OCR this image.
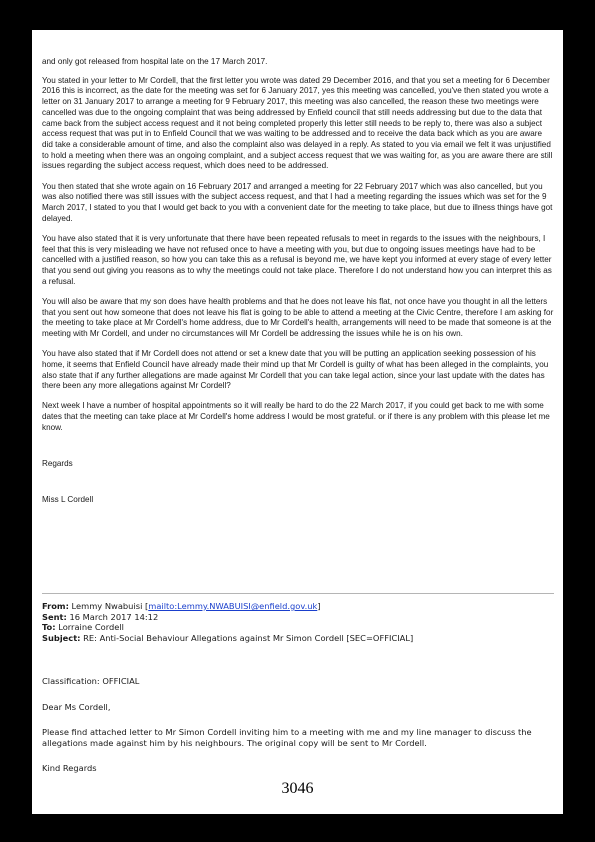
and only got released from hospital late on the 17 March 2017.

You stated in your letter to Mr Cordell, that the first letter you wrote was dated 29 December 2016, and that you set a meeting for 6 December 2016 this is incorrect, as the date for the meeting was set for 6 January 2017, yes this meeting was cancelled, you've then stated you wrote a letter on 31 January 2017 to arrange a meeting for 9 February 2017, this meeting was also cancelled, the reason these two meetings were cancelled was due to the ongoing complaint that was being addressed by Enfield council that still needs addressing but due to the data that came back from the subject access request and it not being completed properly this letter still needs to be reply to, there was also a subject access request that was put in to Enfield Council that we was waiting to be addressed and to receive the data back which as you are aware did take a considerable amount of time, and also the complaint also was delayed in a reply. As stated to you via email we felt it was unjustified to hold a meeting when there was an ongoing complaint, and a subject access request that we was waiting for, as you are aware there are still issues regarding the subject access request, which does need to be addressed.

You then stated that she wrote again on 16 February 2017 and arranged a meeting for 22 February 2017 which was also cancelled, but you was also notified there was still issues with the subject access request, and that I had a meeting regarding the issues which was set for the 9 March 2017, I stated to you that I would get back to you with a convenient date for the meeting to take place, but due to illness things have got delayed.

You have also stated that it is very unfortunate that there have been repeated refusals to meet in regards to the issues with the neighbours, I feel that this is very misleading we have not refused once to have a meeting with you, but due to ongoing issues meetings have had to be cancelled with a justified reason, so how you can take this as a refusal is beyond me, we have kept you informed at every stage of every letter that you send out giving you reasons as to why the meetings could not take place. Therefore I do not understand how you can interpret this as a refusal.

You will also be aware that my son does have health problems and that he does not leave his flat, not once have you thought in all the letters that you sent out how someone that does not leave his flat is going to be able to attend a meeting at the Civic Centre, therefore I am asking for the meeting to take place at Mr Cordell's home address, due to Mr Cordell's health, arrangements will need to be made that someone is at the meeting with Mr Cordell, and under no circumstances will Mr Cordell be addressing the issues while he is on his own.

You have also stated that if Mr Cordell does not attend or set a knew date that you will be putting an application seeking possession of his home, it seems that Enfield Council have already made their mind up that Mr Cordell is guilty of what has been alleged in the complaints, you also state that if any further allegations are made against Mr Cordell that you can take legal action, since your last update with the dates has there been any more allegations against Mr Cordell?

Next week I have a number of hospital appointments so it will really be hard to do the 22 March 2017, if you could get back to me with some dates that the meeting can take place at Mr Cordell's home address I would be most grateful. or if there is any problem with this please let me know.

Regards

Miss L Cordell

From: Lemmy Nwabuisi [mailto:Lemmy.NWABUISI@enfield.gov.uk]

Sent: 16 March 2017 14:12

To: Lorraine Cordell

Subject: RE: Anti-Social Behaviour Allegations against Mr Simon Cordell [SEC=OFFICIAL]

Classification: OFFICIAL

Dear Ms Cordell,

Please find attached letter to Mr Simon Cordell inviting him to a meeting with me and my line manager to discuss the allegations made against him by his neighbours. The original copy will be sent to Mr Cordell.

Kind Regards

3046
